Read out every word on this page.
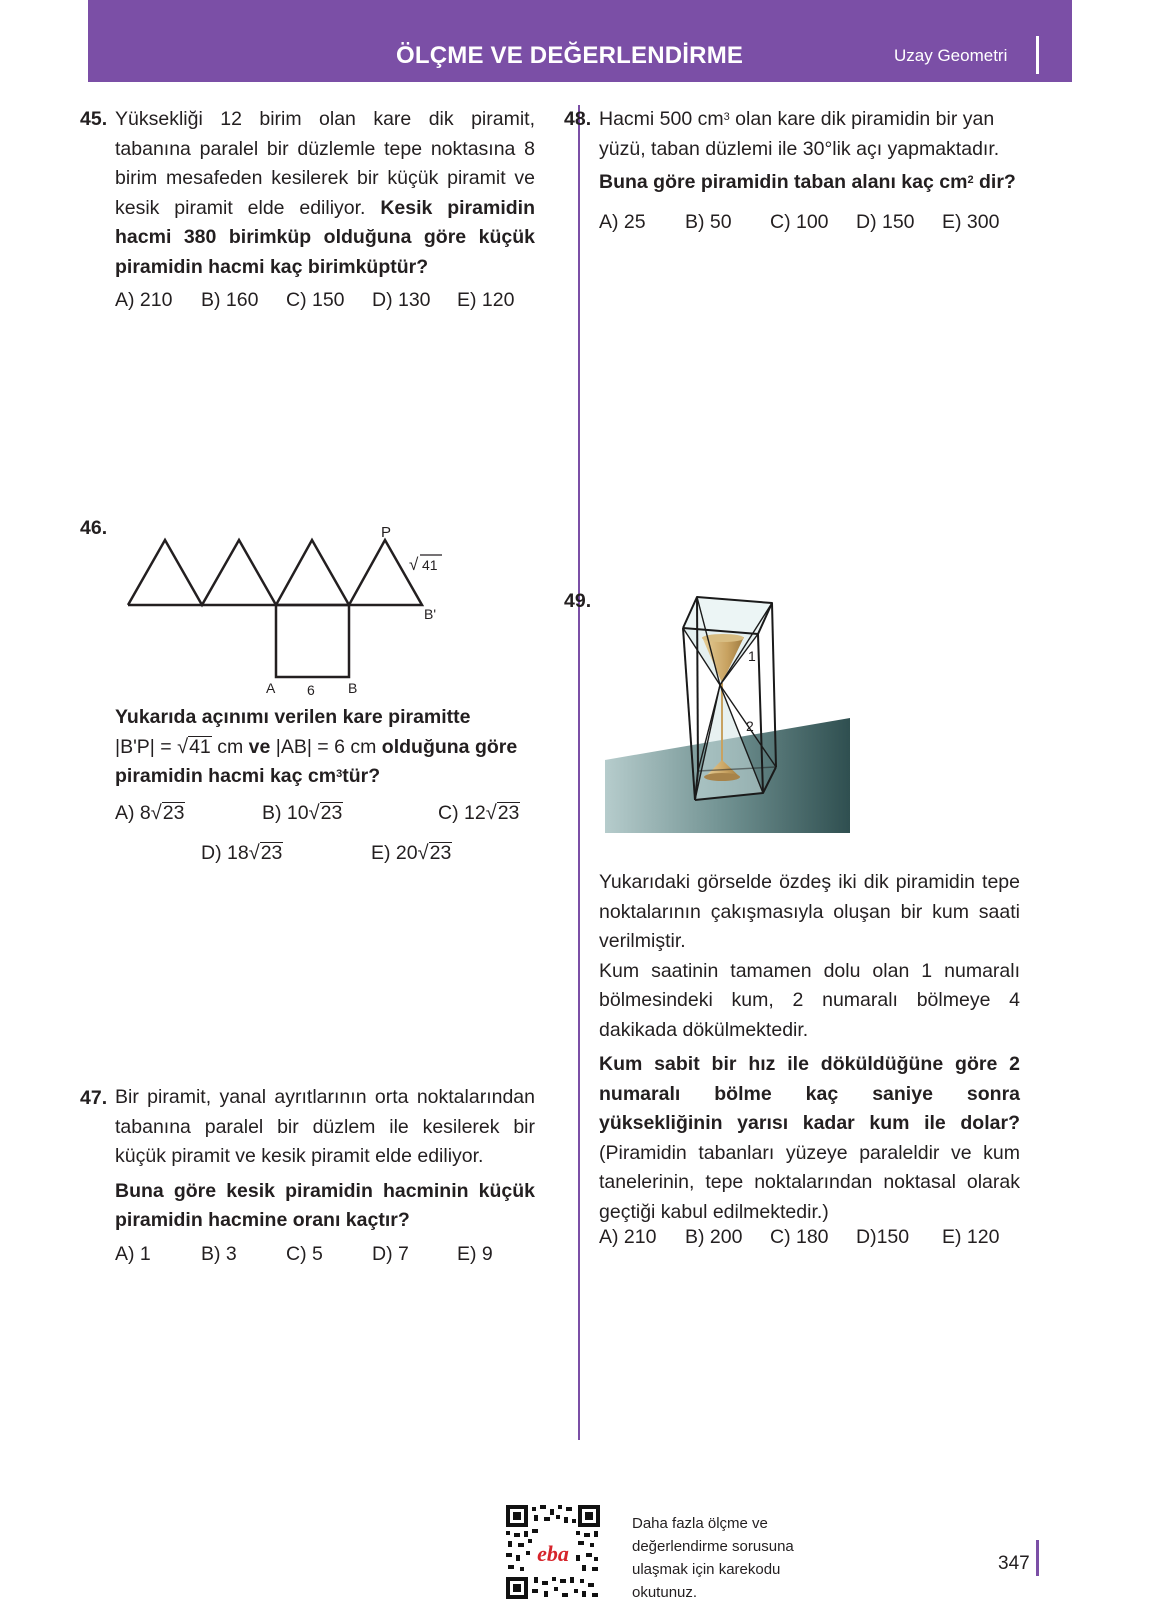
ÖLÇME VE DEĞERLENDİRME	Uzay Geometri
45. Yüksekliği 12 birim olan kare dik piramit, tabanına paralel bir düzlemle tepe noktasına 8 birim mesafeden kesilerek bir küçük piramit ve kesik piramit elde ediliyor. Kesik piramidin hacmi 380 birimküp olduğuna göre küçük piramidin hacmi kaç birimküptür?
A) 210 B) 160 C) 150 D) 130 E) 120
46.	P
√ 41
B'
A 6 B
Yukarıda açınımı verilen kare piramitte
|B'P| = √41 cm ve |AB| = 6 cm olduğuna göre
piramidin hacmi kaç $cm^3tür$?
A) 8√23	B) 10√23	C) 12√23
D) 18√23	E) 20√23
47. Bir piramit, yanal ayrıtlarının orta noktalarından tabanına paralel bir düzlem ile kesilerek bir küçük piramit ve kesik piramit elde ediliyor.
Buna göre kesik piramidin hacminin küçük piramidin hacmine oranı kaçtır?
A) 1	B) 3	C) 5	D) 7 E) 9
48. Hacmi 500 $cm^3$ olan kare dik piramidin bir yan
yüzü, taban düzlemi ile 30°lik açı yapmaktadır.
Buna göre piramidin taban alanı kaç $cm^2$ dir?
A) 25 B) 50 C) 100 D) 150 E) 300
49.
1
2
Yukarıdaki görselde özdeş iki dik piramidin tepe noktalarının çakışmasıyla oluşan bir kum saati verilmiştir.
Kum saatinin tamamen dolu olan 1 numaralı bölmesindeki kum, 2 numaralı bölmeye 4 dakikada dökülmektedir.
Kum sabit bir hız ile döküldüğüne göre 2 numaralı bölme kaç saniye sonra yüksekliğinin yarısı kadar kum ile dolar? (Piramidin tabanları yüzeye paraleldir ve kum tanelerinin, tepe noktalarından noktasal olarak geçtiği kabul edilmektedir.)
A) 210 B) 200 C) 180 D)150 E) 120
eba
Daha fazla ölçme ve
değerlendirme sorusuna
ulaşmak için karekodu
okutunuz.
347
